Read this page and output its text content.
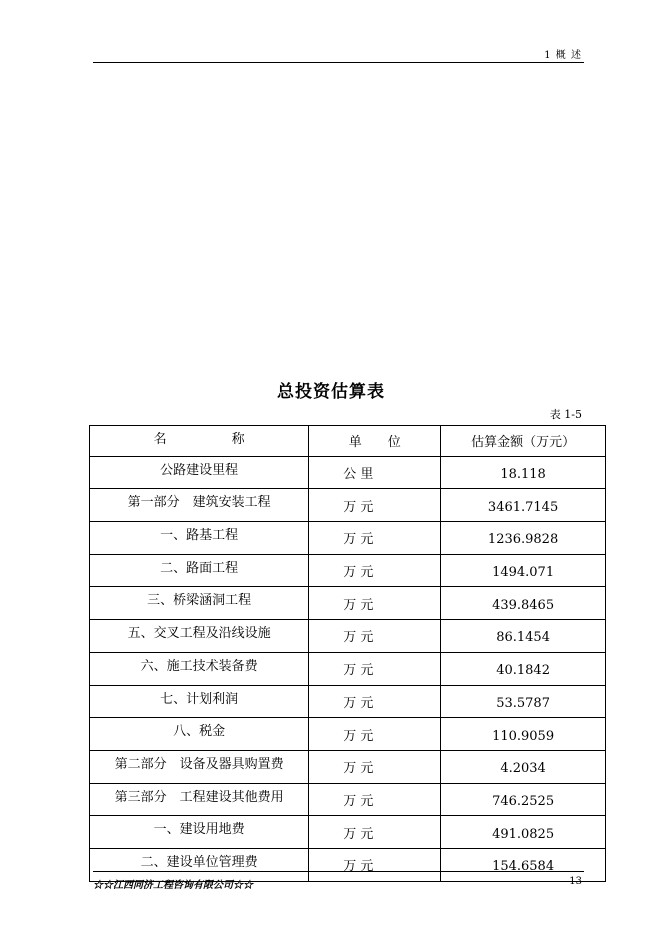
1 概 述
总投资估算表
表 1-5
名　　　　　称	单　　位	估算金额（万元）
公路建设里程	公 里	18.118
第一部分　建筑安装工程	万 元	3461.7145
一、路基工程	万 元	1236.9828
二、路面工程	万 元	1494.071
三、桥梁涵洞工程	万 元	439.8465
五、交叉工程及沿线设施	万 元	86.1454
六、施工技术装备费	万 元	40.1842
七、计划利润	万 元	53.5787
八、税金	万 元	110.9059
第二部分　设备及器具购置费	万 元	4.2034
第三部分　工程建设其他费用	万 元	746.2525
一、建设用地费	万 元	491.0825
二、建设单位管理费	万 元	154.6584
☆☆江西同济工程咨询有限公司☆☆	13
